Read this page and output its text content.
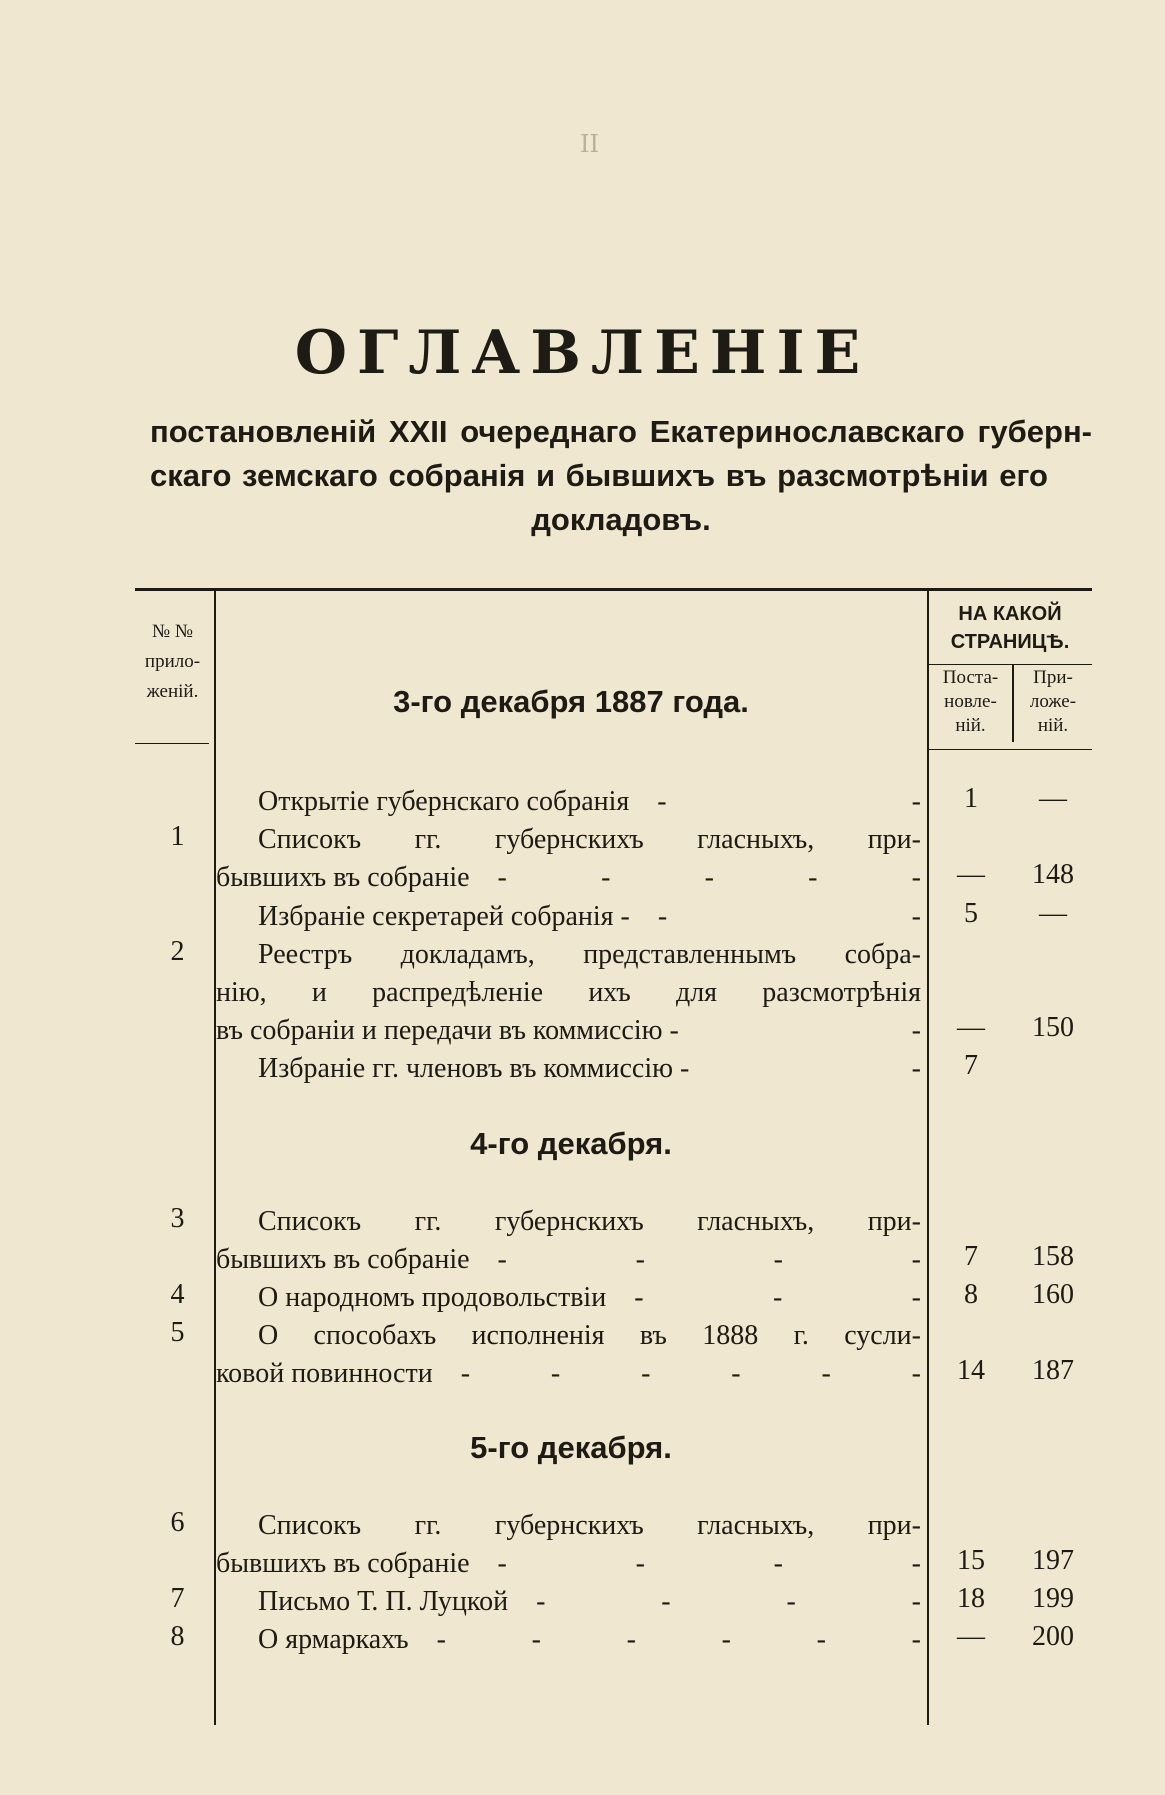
II
ОГЛАВЛЕНІЕ
постановленій XXII очереднаго Екатеринославскаго губерн- скаго земскаго собранія и бывшихъ въ разсмотрѣніи его
докладовъ.
№ №
прило-
женій.
НА КАКОЙ
СТРАНИЦѢ.
Поста-
новле-
ній.
При-
ложе-
ній.
3-го декабря 1887 года.
4-го декабря.
5-го декабря.
Открытіе губернскаго собранія -	-	1	—
1	Списокъ гг. губернскихъ гласныхъ, при-
бывшихъ въ собраніе -	-	-	-	-	—	148
Избраніе секретарей собранія - -	-	5	—
2	Реестръ докладамъ, представленнымъ собра-
нію, и распредѣленіе ихъ для разсмотрѣнія
въ собраніи и передачи въ коммиссію -	-	—	150
Избраніе гг. членовъ въ коммиссію -	-	7
3	Списокъ гг. губернскихъ гласныхъ, при-
бывшихъ въ собраніе -	-	-	-	7	158
4	О народномъ продовольствіи -	-	-	8	160
5	О способахъ исполненія въ 1888 г. сусли-
ковой повинности -	-	-	-	-	-	14	187
6	Списокъ гг. губернскихъ гласныхъ, при-
бывшихъ въ собраніе -	-	-	-	15	197
7	Письмо Т. П. Луцкой -	-	-	-	18	199
8	О ярмаркахъ -	-	-	-	-	-	—	200
